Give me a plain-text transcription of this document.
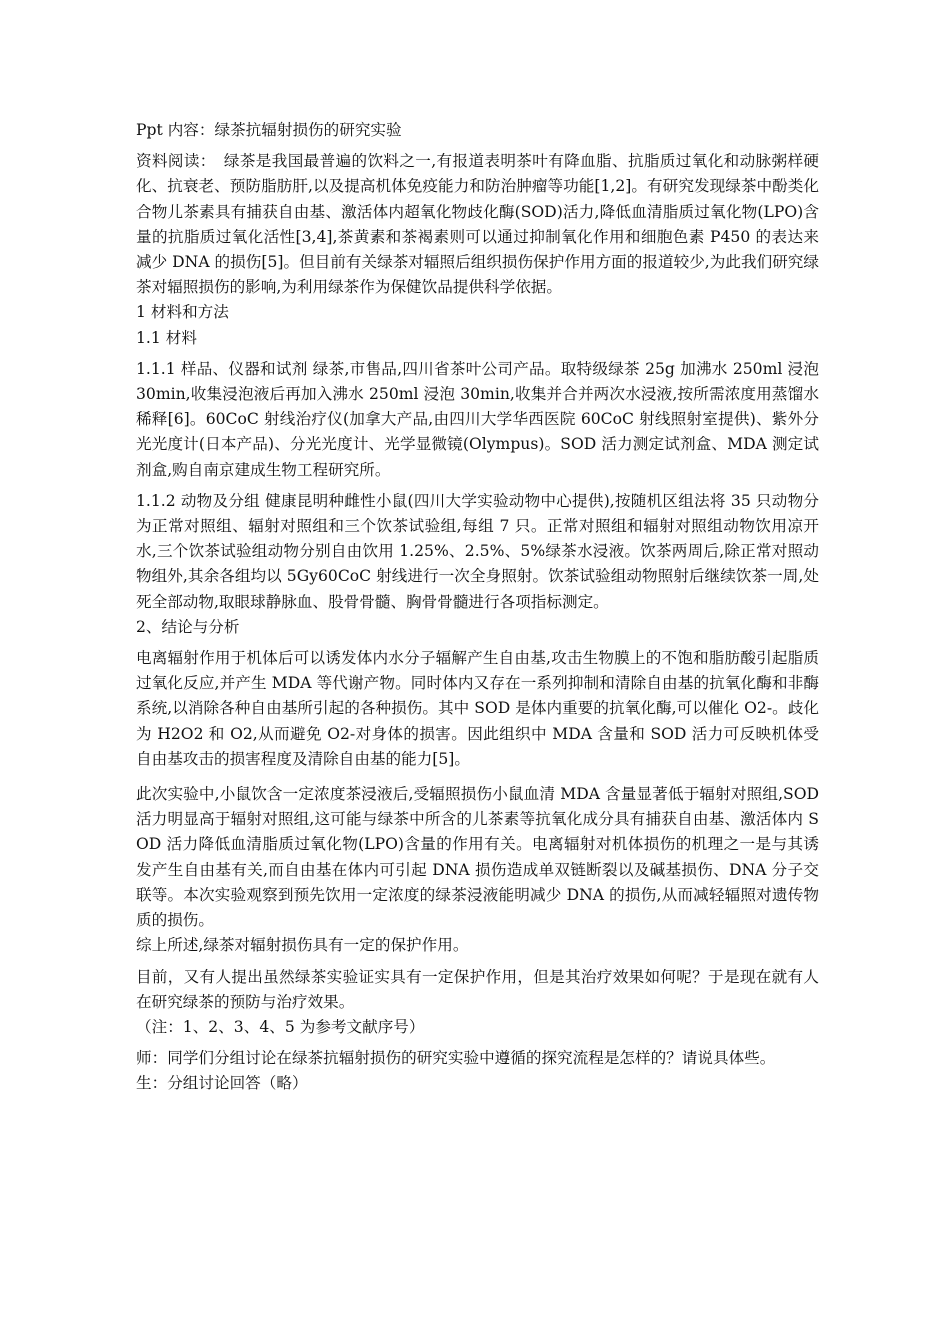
Ppt 内容：绿茶抗辐射损伤的研究实验

资料阅读：　绿茶是我国最普遍的饮料之一,有报道表明茶叶有降血脂、抗脂质过氧化和动脉粥样硬化、抗衰老、预防脂肪肝,以及提高机体免疫能力和防治肿瘤等功能[1,2]。有研究发现绿茶中酚类化合物儿茶素具有捕获自由基、激活体内超氧化物歧化酶(SOD)活力,降低血清脂质过氧化物(LPO)含量的抗脂质过氧化活性[3,4],茶黄素和茶褐素则可以通过抑制氧化作用和细胞色素 P450 的表达来减少 DNA 的损伤[5]。但目前有关绿茶对辐照后组织损伤保护作用方面的报道较少,为此我们研究绿茶对辐照损伤的影响,为利用绿茶作为保健饮品提供科学依据。

1 材料和方法

1.1 材料

1.1.1 样品、仪器和试剂 绿茶,市售品,四川省茶叶公司产品。取特级绿茶 25g 加沸水 250ml 浸泡 30min,收集浸泡液后再加入沸水 250ml 浸泡 30min,收集并合并两次水浸液,按所需浓度用蒸馏水稀释[6]。60CoC 射线治疗仪(加拿大产品,由四川大学华西医院 60CoC 射线照射室提供)、紫外分光光度计(日本产品)、分光光度计、光学显微镜(Olympus)。SOD 活力测定试剂盒、MDA 测定试剂盒,购自南京建成生物工程研究所。

1.1.2 动物及分组 健康昆明种雌性小鼠(四川大学实验动物中心提供),按随机区组法将 35 只动物分为正常对照组、辐射对照组和三个饮茶试验组,每组 7 只。正常对照组和辐射对照组动物饮用凉开水,三个饮茶试验组动物分别自由饮用 1.25%、2.5%、5%绿茶水浸液。饮茶两周后,除正常对照动物组外,其余各组均以 5Gy60CoC 射线进行一次全身照射。饮茶试验组动物照射后继续饮茶一周,处死全部动物,取眼球静脉血、股骨骨髓、胸骨骨髓进行各项指标测定。

2、结论与分析

电离辐射作用于机体后可以诱发体内水分子辐解产生自由基,攻击生物膜上的不饱和脂肪酸引起脂质过氧化反应,并产生 MDA 等代谢产物。同时体内又存在一系列抑制和清除自由基的抗氧化酶和非酶系统,以消除各种自由基所引起的各种损伤。其中 SOD 是体内重要的抗氧化酶,可以催化 O2-。歧化为 H2O2 和 O2,从而避免 O2-对身体的损害。因此组织中 MDA 含量和 SOD 活力可反映机体受自由基攻击的损害程度及清除自由基的能力[5]。

此次实验中,小鼠饮含一定浓度茶浸液后,受辐照损伤小鼠血清 MDA 含量显著低于辐射对照组,SOD 活力明显高于辐射对照组,这可能与绿茶中所含的儿茶素等抗氧化成分具有捕获自由基、激活体内 SOD 活力降低血清脂质过氧化物(LPO)含量的作用有关。电离辐射对机体损伤的机理之一是与其诱发产生自由基有关,而自由基在体内可引起 DNA 损伤造成单双链断裂以及碱基损伤、DNA 分子交联等。本次实验观察到预先饮用一定浓度的绿茶浸液能明减少 DNA 的损伤,从而减轻辐照对遗传物质的损伤。

综上所述,绿茶对辐射损伤具有一定的保护作用。

目前，又有人提出虽然绿茶实验证实具有一定保护作用，但是其治疗效果如何呢？于是现在就有人在研究绿茶的预防与治疗效果。

（注：1、2、3、4、5 为参考文献序号）

师：同学们分组讨论在绿茶抗辐射损伤的研究实验中遵循的探究流程是怎样的？请说具体些。

生：分组讨论回答（略）
